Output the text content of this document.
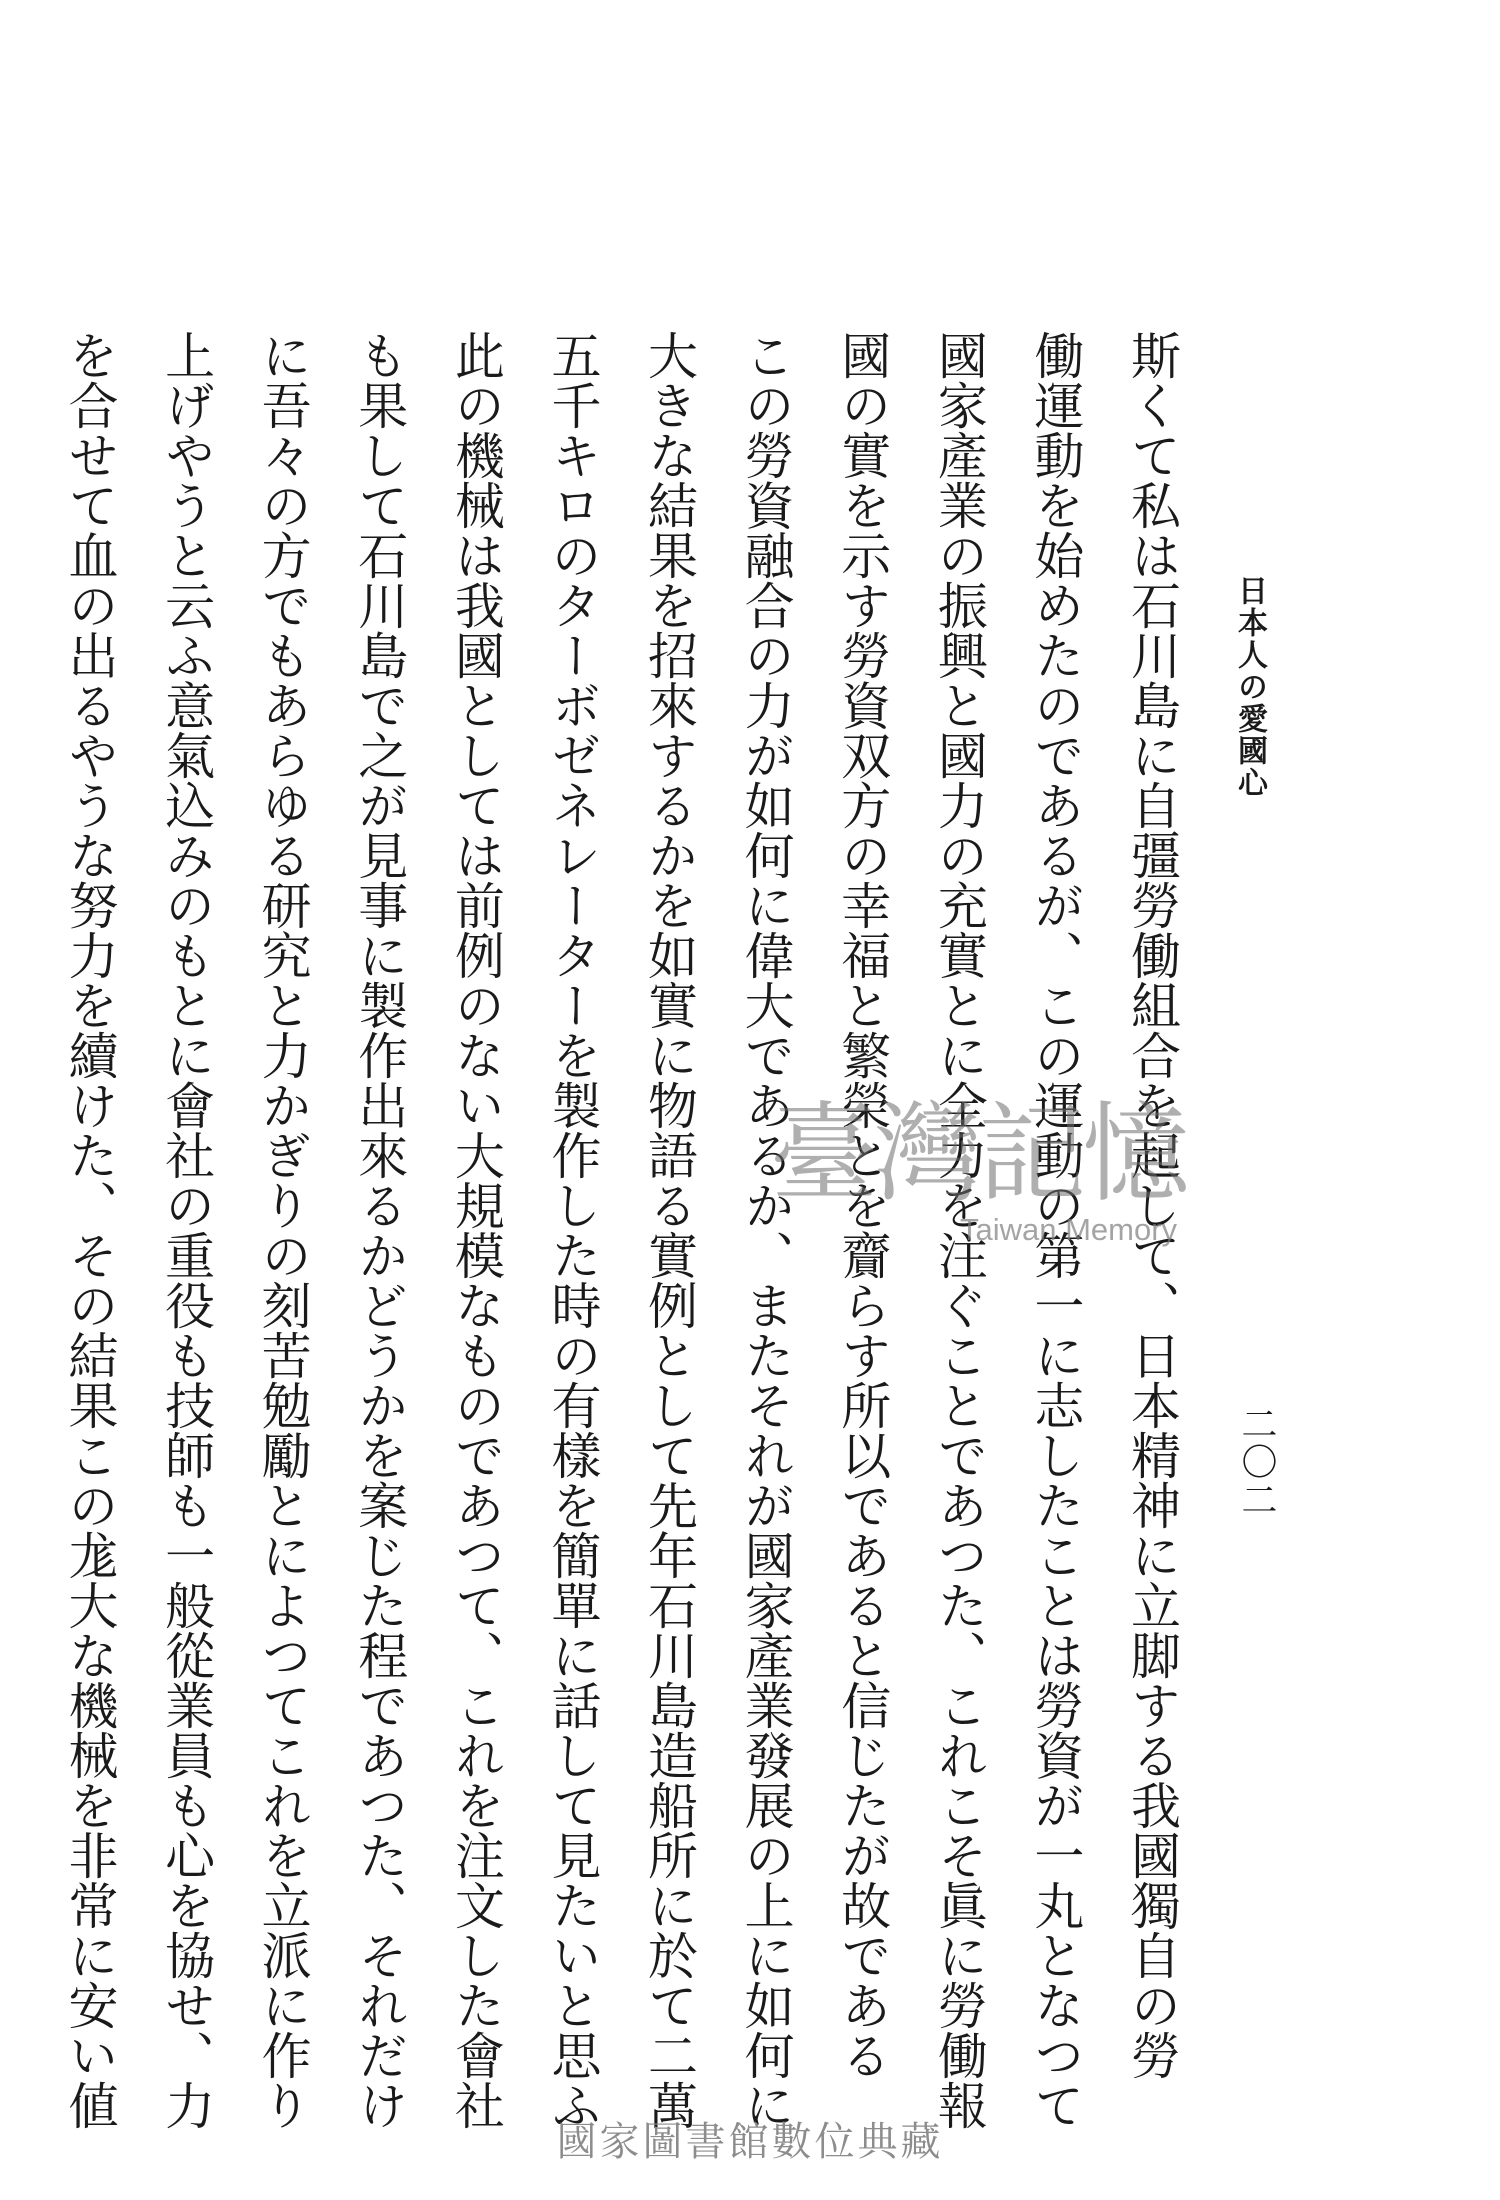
日本人の愛國心
二〇二
斯くて私は石川島に自彊勞働組合を起して、日本精神に立脚する我國獨自の勞
働運動を始めたのであるが、この運動の第一に志したことは勞資が一丸となつて
國家產業の振興と國力の充實とに全力を注ぐことであつた、これこそ眞に勞働報
國の實を示す勞資双方の幸福と繁榮とを齎らす所以であると信じたが故である
この勞資融合の力が如何に偉大であるか、またそれが國家產業發展の上に如何に
大きな結果を招來するかを如實に物語る實例として先年石川島造船所に於て二萬
五千キロのターボゼネレーターを製作した時の有樣を簡單に話して見たいと思ふ
此の機械は我國としては前例のない大規模なものであつて、これを注文した會社
も果して石川島で之が見事に製作出來るかどうかを案じた程であつた、それだけ
に吾々の方でもあらゆる研究と力かぎりの刻苦勉勵とによつてこれを立派に作り
上げやうと云ふ意氣込みのもとに會社の重役も技師も一般從業員も心を協せ、力
を合せて血の出るやうな努力を續けた、その結果この尨大な機械を非常に安い値	臺灣記憶
Taiwan Memory
國家圖書館數位典藏
